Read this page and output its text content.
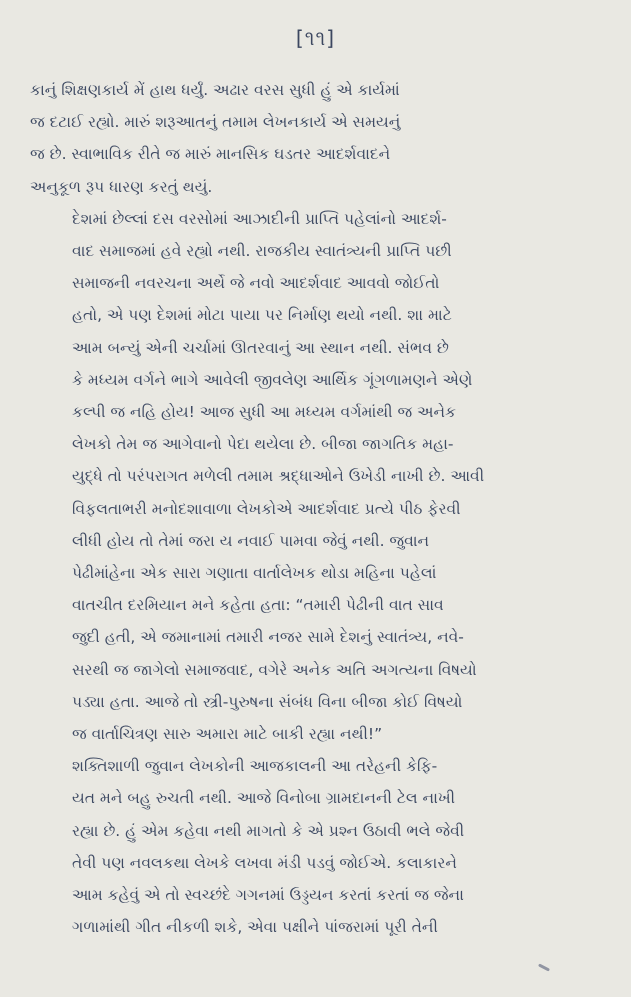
[૧૧]

કાનું શિક્ષણકાર્ય મેં હાથ ધર્યું. અઢાર વરસ સુધી હું એ કાર્યમાં
જ દટાઈ રહ્યો. મારું શરૂઆતનું તમામ લેખનકાર્ય એ સમયનું
જ છે. સ્વાભાવિક રીતે જ મારું માનસિક ઘડતર આદર્શવાદને
અનુકૂળ રૂપ ધારણ કરતું થયું.

દેશમાં છેલ્લાં દસ વરસોમાં આઝાદીની પ્રાપ્તિ પહેલાંનો આદર્શ-
વાદ સમાજમાં હવે રહ્યો નથી. રાજકીય સ્વાતંત્ર્યની પ્રાપ્તિ પછી
સમાજની નવરચના અર્થે જે નવો આદર્શવાદ આવવો જોઈતો
હતો, એ પણ દેશમાં મોટા પાયા પર નિર્માણ થયો નથી. શા માટે
આમ બન્યું એની ચર્ચામાં ઊતરવાનું આ સ્થાન નથી. સંભવ છે
કે મધ્યમ વર્ગને ભાગે આવેલી જીવલેણ આર્થિક ગૂંગળામણને એણે
કલ્પી જ નહિ હોય! આજ સુધી આ મધ્યમ વર્ગમાંથી જ અનેક
લેખકો તેમ જ આગેવાનો પેદા થયેલા છે. બીજા જાગતિક મહા-
યુદ્ધે તો પરંપરાગત મળેલી તમામ શ્રદ્ધાઓને ઉખેડી નાખી છે. આવી
વિફલતાભરી મનોદશાવાળા લેખકોએ આદર્શવાદ પ્રત્યે પીઠ ફેરવી
લીધી હોય તો તેમાં જરા ય નવાઈ પામવા જેવું નથી. જુવાન
પેઢીમાંહેના એક સારા ગણાતા વાર્તાલેખક થોડા મહિના પહેલાં
વાતચીત દરમિયાન મને કહેતા હતા: “તમારી પેઢીની વાત સાવ
જુદી હતી, એ જમાનામાં તમારી નજર સામે દેશનું સ્વાતંત્ર્ય, નવે-
સરથી જ જાગેલો સમાજવાદ, વગેરે અનેક અતિ અગત્યના વિષયો
પડ્યા હતા. આજે તો સ્ત્રી-પુરુષના સંબંધ વિના બીજા કોઈ વિષયો
જ વાર્તાચિત્રણ સારુ અમારા માટે બાકી રહ્યા નથી!”

શક્તિશાળી જુવાન લેખકોની આજકાલની આ તરેહની કેફિ-
યત મને બહુ રુચતી નથી. આજે વિનોબા ગ્રામદાનની ટેલ નાખી
રહ્યા છે. હું એમ કહેવા નથી માગતો કે એ પ્રશ્ન ઉઠાવી ભલે જેવી
તેવી પણ નવલકથા લેખકે લખવા મંડી પડવું જોઈએ. કલાકારને
આમ કહેવું એ તો સ્વચ્છંદે ગગનમાં ઉડ્ડયન કરતાં કરતાં જ જેના
ગળામાંથી ગીત નીકળી શકે, એવા પક્ષીને પાંજરામાં પૂરી તેની
